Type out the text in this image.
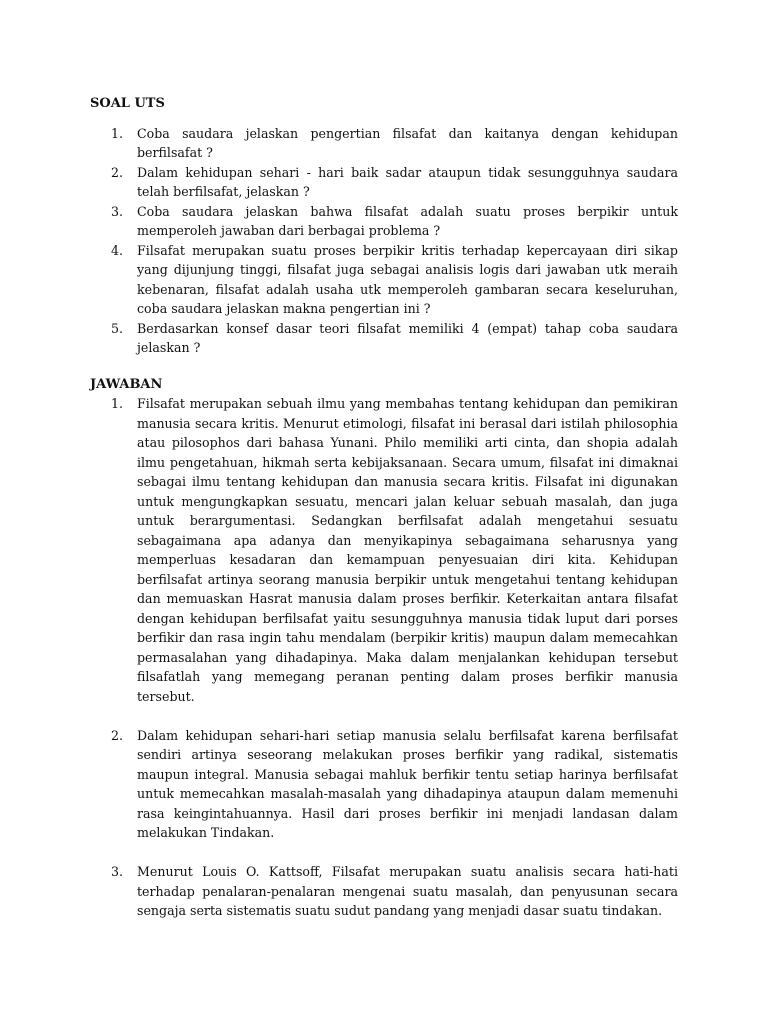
SOAL UTS
1. Coba saudara jelaskan pengertian filsafat dan kaitanya dengan kehidupan berfilsafat ?
2. Dalam kehidupan sehari - hari baik sadar ataupun tidak sesungguhnya saudara telah berfilsafat, jelaskan ?
3. Coba saudara jelaskan bahwa filsafat adalah suatu proses berpikir untuk memperoleh jawaban dari berbagai problema ?
4. Filsafat merupakan suatu proses berpikir kritis terhadap kepercayaan diri sikap yang dijunjung tinggi, filsafat juga sebagai analisis logis dari jawaban utk meraih kebenaran, filsafat adalah usaha utk memperoleh gambaran secara keseluruhan, coba saudara jelaskan makna pengertian ini ?
5. Berdasarkan konsef dasar teori filsafat memiliki 4 (empat) tahap coba saudara jelaskan ?
JAWABAN
1. Filsafat merupakan sebuah ilmu yang membahas tentang kehidupan dan pemikiran manusia secara kritis. Menurut etimologi, filsafat ini berasal dari istilah philosophia atau pilosophos dari bahasa Yunani. Philo memiliki arti cinta, dan shopia adalah ilmu pengetahuan, hikmah serta kebijaksanaan. Secara umum, filsafat ini dimaknai sebagai ilmu tentang kehidupan dan manusia secara kritis. Filsafat ini digunakan untuk mengungkapkan sesuatu, mencari jalan keluar sebuah masalah, dan juga untuk berargumentasi. Sedangkan berfilsafat adalah mengetahui sesuatu sebagaimana apa adanya dan menyikapinya sebagaimana seharusnya yang memperluas kesadaran dan kemampuan penyesuaian diri kita. Kehidupan berfilsafat artinya seorang manusia berpikir untuk mengetahui tentang kehidupan dan memuaskan Hasrat manusia dalam proses berfikir. Keterkaitan antara filsafat dengan kehidupan berfilsafat yaitu sesungguhnya manusia tidak luput dari porses berfikir dan rasa ingin tahu mendalam (berpikir kritis) maupun dalam memecahkan permasalahan yang dihadapinya. Maka dalam menjalankan kehidupan tersebut filsafatlah yang memegang peranan penting dalam proses berfikir manusia tersebut.
2. Dalam kehidupan sehari-hari setiap manusia selalu berfilsafat karena berfilsafat sendiri artinya seseorang melakukan proses berfikir yang radikal, sistematis maupun integral. Manusia sebagai mahluk berfikir tentu setiap harinya berfilsafat untuk memecahkan masalah-masalah yang dihadapinya ataupun dalam memenuhi rasa keingintahuannya. Hasil dari proses berfikir ini menjadi landasan dalam melakukan Tindakan.
3. Menurut Louis O. Kattsoff, Filsafat merupakan suatu analisis secara hati-hati terhadap penalaran-penalaran mengenai suatu masalah, dan penyusunan secara sengaja serta sistematis suatu sudut pandang yang menjadi dasar suatu tindakan.
